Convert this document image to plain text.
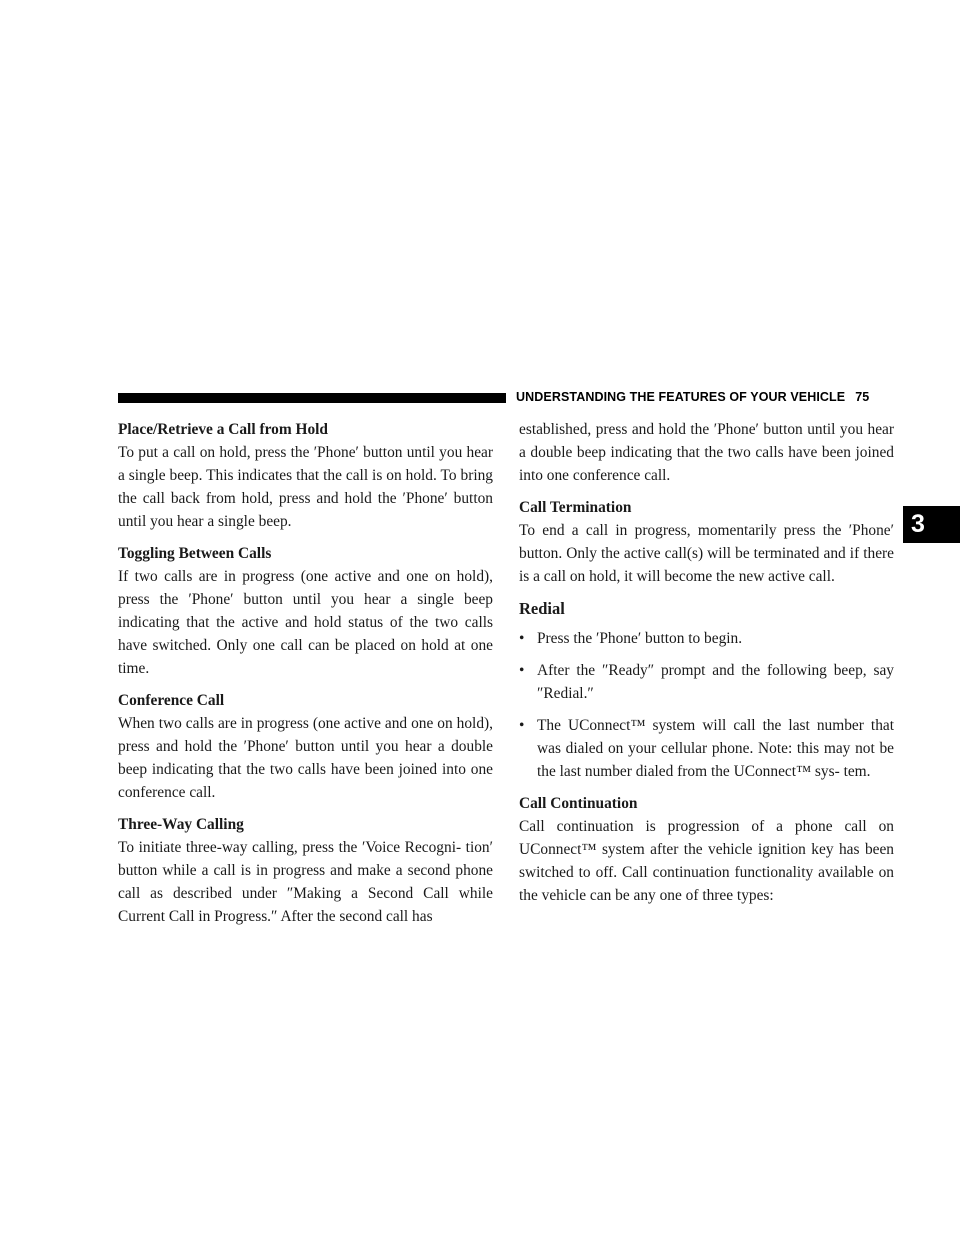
UNDERSTANDING THE FEATURES OF YOUR VEHICLE 75
3
Place/Retrieve a Call from Hold

To put a call on hold, press the ′Phone′ button until you hear a single beep. This indicates that the call is on hold. To bring the call back from hold, press and hold the ′Phone′ button until you hear a single beep.

Toggling Between Calls

If two calls are in progress (one active and one on hold), press the ′Phone′ button until you hear a single beep indicating that the active and hold status of the two calls have switched. Only one call can be placed on hold at one time.

Conference Call

When two calls are in progress (one active and one on hold), press and hold the ′Phone′ button until you hear a double beep indicating that the two calls have been joined into one conference call.

Three-Way Calling

To initiate three-way calling, press the ′Voice Recogni- tion′ button while a call is in progress and make a second phone call as described under ″Making a Second Call while Current Call in Progress.″ After the second call has

established, press and hold the ′Phone′ button until you hear a double beep indicating that the two calls have been joined into one conference call.

Call Termination

To end a call in progress, momentarily press the ′Phone′ button. Only the active call(s) will be terminated and if there is a call on hold, it will become the new active call.

Redial
• Press the ′Phone′ button to begin.
• After the ″Ready″ prompt and the following beep, say ″Redial.″
• The UConnect™ system will call the last number that was dialed on your cellular phone. Note: this may not be the last number dialed from the UConnect™ sys- tem.
Call Continuation

Call continuation is progression of a phone call on UConnect™ system after the vehicle ignition key has been switched to off. Call continuation functionality available on the vehicle can be any one of three types:
